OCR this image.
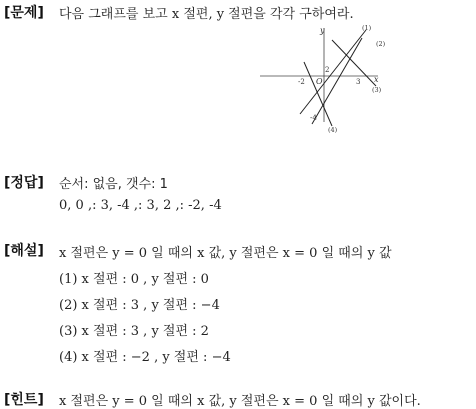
[문제] 다음 그래프를 보고 x 절편, y 절편을 각각 구하여라.
y
x
O
2
-2	3
-4
(1)
(2)
(3)
(4)
[정답] 순서: 없음, 갯수: 1
0, 0 ,: 3, -4 ,: 3, 2 ,: -2, -4
[해설] x 절편은 y = 0 일 때의 x 값, y 절편은 x = 0 일 때의 y 값
(1) x 절편 : 0 , y 절편 : 0
(2) x 절편 : 3 , y 절편 : −4
(3) x 절편 : 3 , y 절편 : 2
(4) x 절편 : −2 , y 절편 : −4
[힌트] x 절편은 y = 0 일 때의 x 값, y 절편은 x = 0 일 때의 y 값이다.
